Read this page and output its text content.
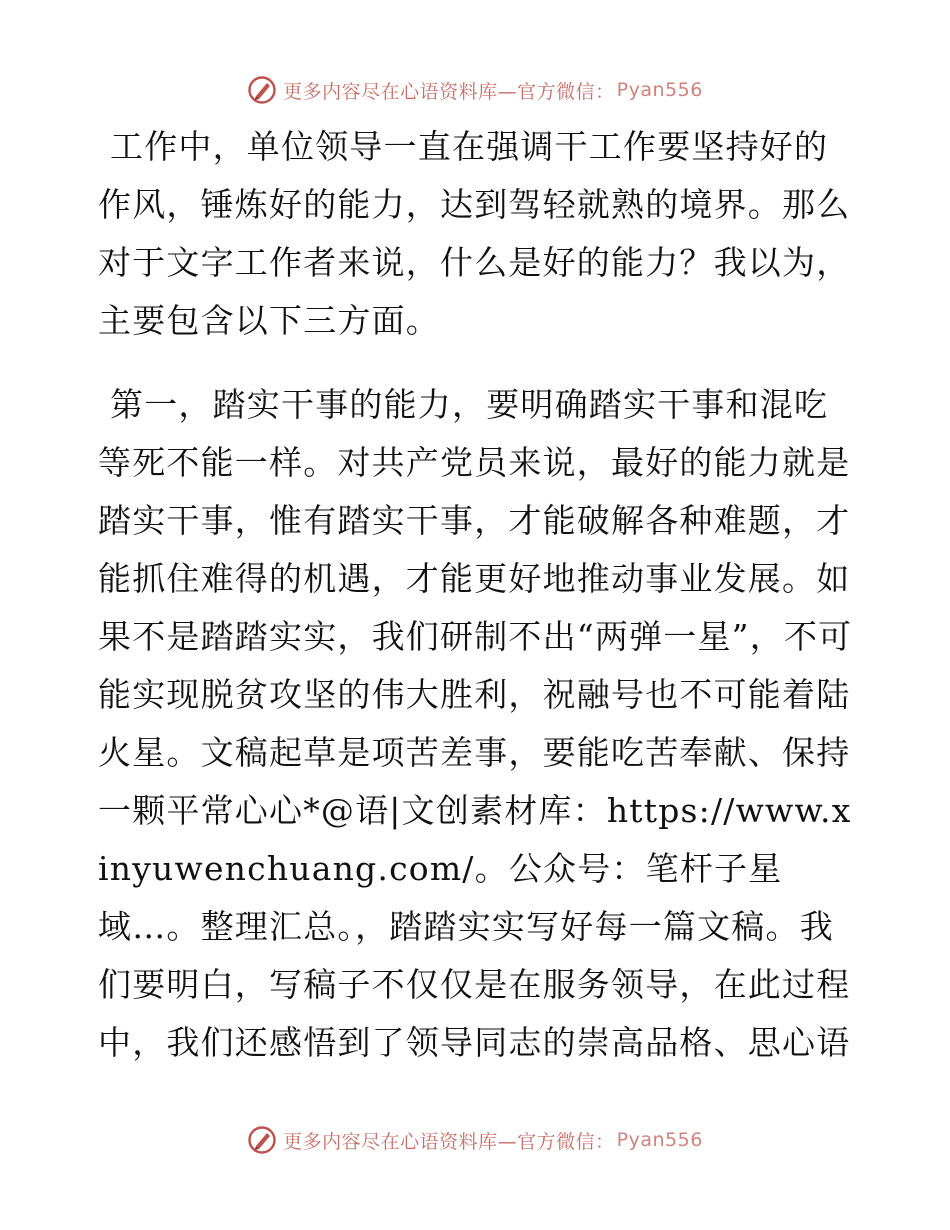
更多内容尽在心语资料库—官方微信： Pyan556

工作中，单位领导一直在强调干工作要坚持好的作风，锤炼好的能力，达到驾轻就熟的境界。那么对于文字工作者来说，什么是好的能力？我以为，主要包含以下三方面。

第一，踏实干事的能力，要明确踏实干事和混吃等死不能一样。对共产党员来说，最好的能力就是踏实干事，惟有踏实干事，才能破解各种难题，才能抓住难得的机遇，才能更好地推动事业发展。如果不是踏踏实实，我们研制不出“两弹一星”，不可能实现脱贫攻坚的伟大胜利，祝融号也不可能着陆火星。文稿起草是项苦差事，要能吃苦奉献、保持一颗平常心心*@语|文创素材库：https://www.xinyuwenchuang.com/。公众号：笔杆子星域…。整理汇总。，踏踏实实写好每一篇文稿。我们要明白，写稿子不仅仅是在服务领导，在此过程中，我们还感悟到了领导同志的崇高品格、思心语

更多内容尽在心语资料库—官方微信： Pyan556
